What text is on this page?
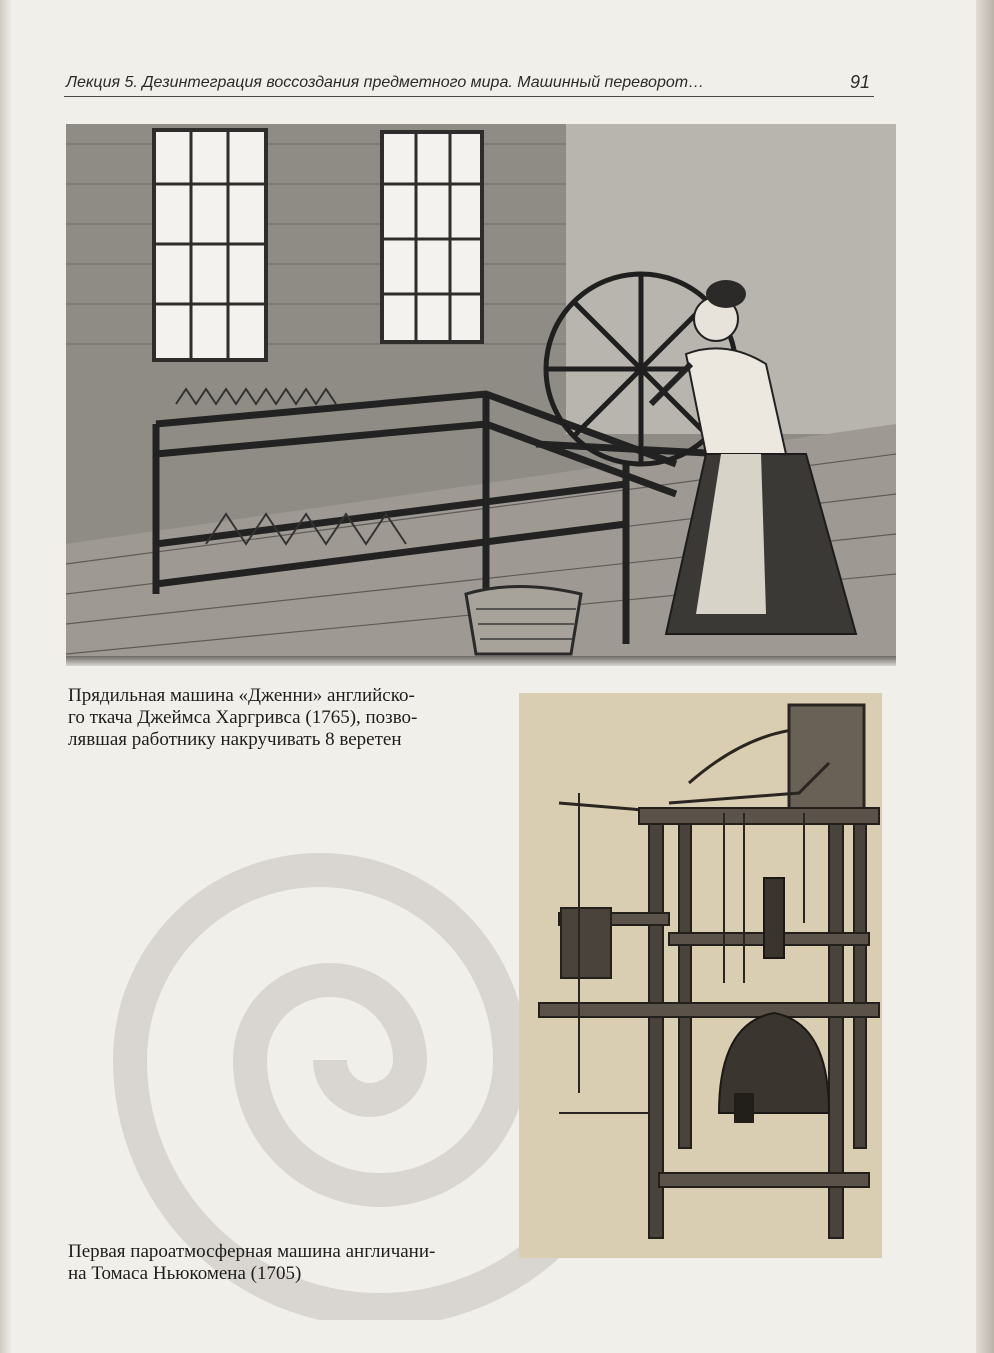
Лекция 5. Дезинтеграция воссоздания предметного мира. Машинный переворот…	91

Прядильная машина «Дженни» английско-
го ткача Джеймса Харгривса (1765), позво-
лявшая работнику накручивать 8 веретен

Первая пароатмосферная машина англичани-
на Томаса Ньюкомена (1705)
